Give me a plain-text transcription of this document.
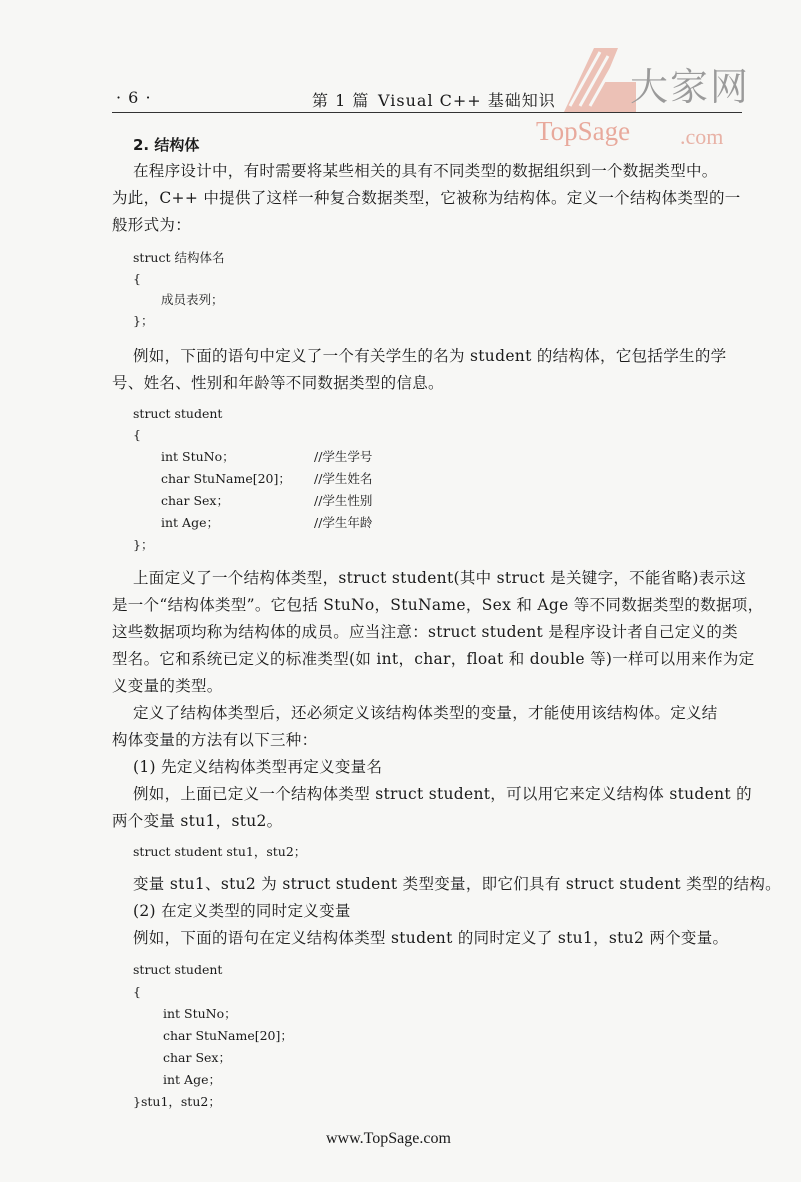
· 6 ·	第 1 篇 Visual C++ 基础知识 大家网
TopSage .com
2. 结构体
在程序设计中，有时需要将某些相关的具有不同类型的数据组织到一个数据类型中。
为此，C++ 中提供了这样一种复合数据类型，它被称为结构体。定义一个结构体类型的一
般形式为：
struct 结构体名
{
成员表列；
}；
例如，下面的语句中定义了一个有关学生的名为 student 的结构体，它包括学生的学
号、姓名、性别和年龄等不同数据类型的信息。
struct student
{
int StuNo；	//学生学号
char StuName[20]； //学生姓名
char Sex；	//学生性别
int Age；	//学生年龄
}；
上面定义了一个结构体类型，struct student(其中 struct 是关键字，不能省略)表示这
是一个“结构体类型”。它包括 StuNo，StuName，Sex 和 Age 等不同数据类型的数据项，
这些数据项均称为结构体的成员。应当注意：struct student 是程序设计者自己定义的类
型名。它和系统已定义的标准类型(如 int，char，float 和 double 等)一样可以用来作为定
义变量的类型。
定义了结构体类型后，还必须定义该结构体类型的变量，才能使用该结构体。定义结
构体变量的方法有以下三种：
(1) 先定义结构体类型再定义变量名
例如，上面已定义一个结构体类型 struct student，可以用它来定义结构体 student 的
两个变量 stu1，stu2。
struct student stu1，stu2；
变量 stu1、stu2 为 struct student 类型变量，即它们具有 struct student 类型的结构。
(2) 在定义类型的同时定义变量
例如，下面的语句在定义结构体类型 student 的同时定义了 stu1，stu2 两个变量。
struct student
{
int StuNo；
char StuName[20]；
char Sex；
int Age；
}stu1，stu2；
www.TopSage.com
